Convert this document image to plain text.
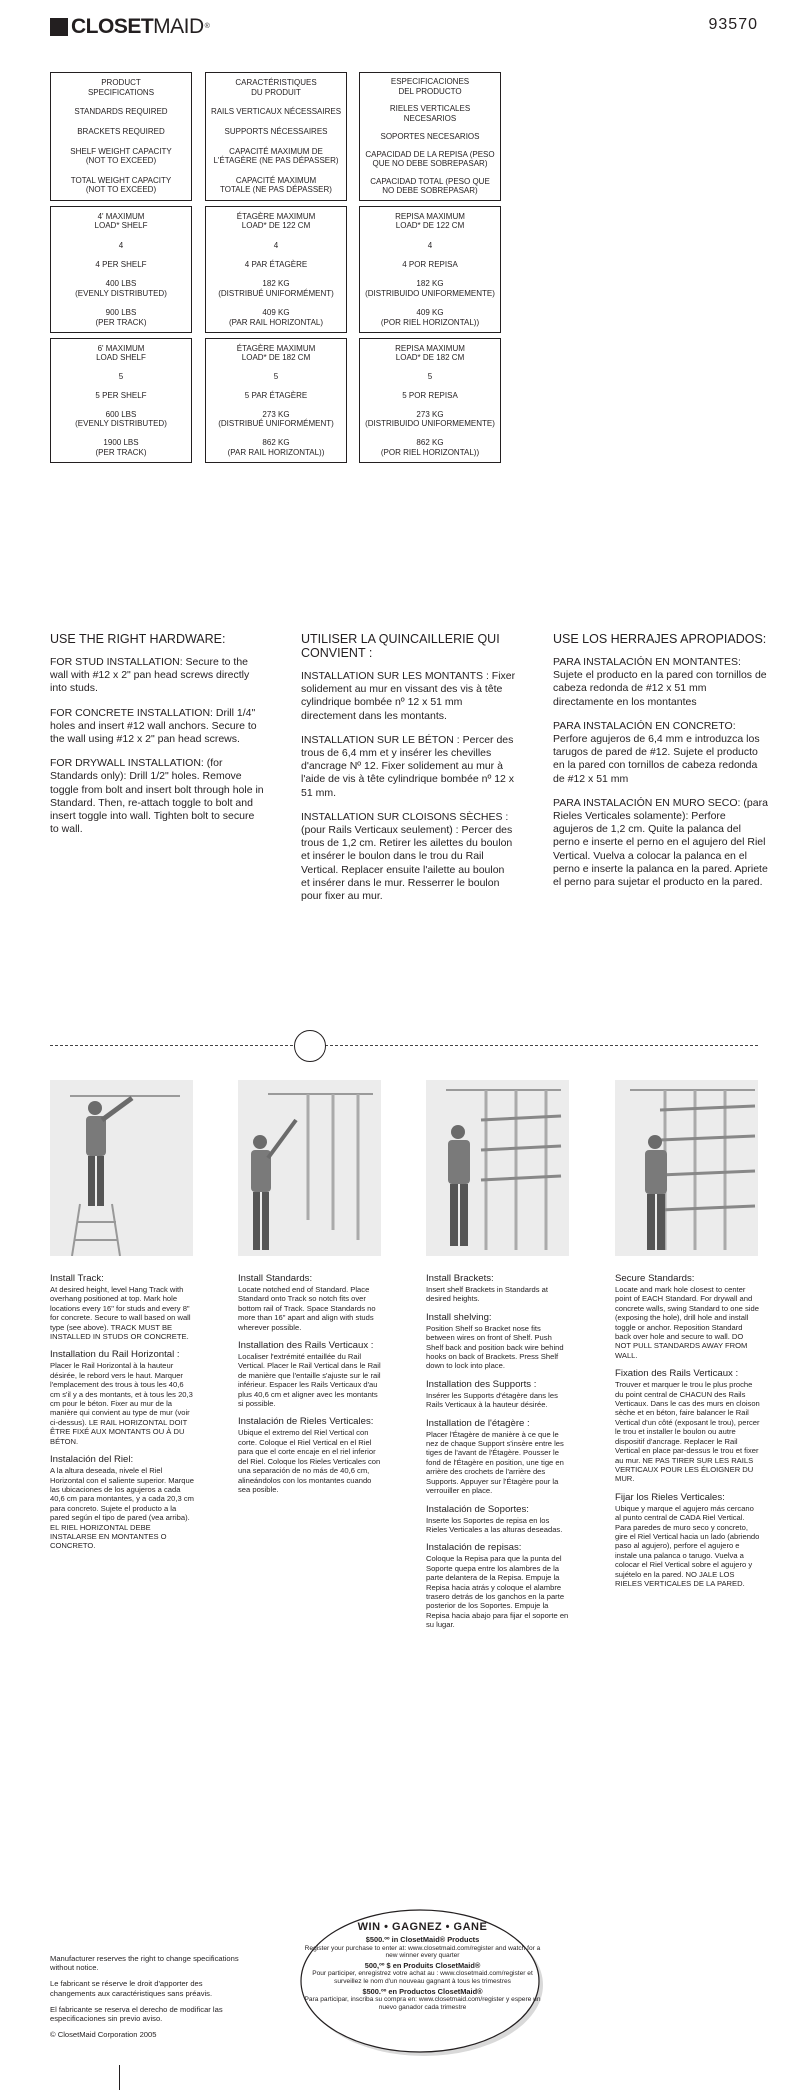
CLOSETMAID®	93570
PRODUCT
SPECIFICATIONS
STANDARDS REQUIRED
BRACKETS REQUIRED
SHELF WEIGHT CAPACITY
(NOT TO EXCEED)
TOTAL WEIGHT CAPACITY
(NOT TO EXCEED)
4' MAXIMUM
LOAD* SHELF
4
4 PER SHELF
400 LBS
(EVENLY DISTRIBUTED)
900 LBS
(PER TRACK)
6' MAXIMUM
LOAD SHELF
5
5 PER SHELF
600 LBS
(EVENLY DISTRIBUTED)
1900 LBS
(PER TRACK)
CARACTÉRISTIQUES
DU PRODUIT
RAILS VERTICAUX NÉCESSAIRES
SUPPORTS NÉCESSAIRES
CAPACITÉ MAXIMUM DE
L'ÉTAGÈRE (NE PAS DÉPASSER)
CAPACITÉ MAXIMUM
TOTALE (NE PAS DÉPASSER)
ÉTAGÈRE MAXIMUM
LOAD* DE 122 CM
4
4 PAR ÉTAGÈRE
182 KG
(DISTRIBUÉ UNIFORMÉMENT)
409 KG
(PAR RAIL HORIZONTAL)
ÉTAGÈRE MAXIMUM
LOAD* DE 182 CM
5
5 PAR ÉTAGÈRE
273 KG
(DISTRIBUÉ UNIFORMÉMENT)
862 KG
(PAR RAIL HORIZONTAL))
ESPECIFICACIONES
DEL PRODUCTO
RIELES VERTICALES NECESARIOS
SOPORTES NECESARIOS
CAPACIDAD DE LA REPISA (PESO
QUE NO DEBE SOBREPASAR)
CAPACIDAD TOTAL (PESO QUE
NO DEBE SOBREPASAR)
REPISA MAXIMUM
LOAD* DE 122 CM
4
4 POR REPISA
182 KG
(DISTRIBUIDO UNIFORMEMENTE)
409 KG
(POR RIEL HORIZONTAL))
REPISA MAXIMUM
LOAD* DE 182 CM
5
5 POR REPISA
273 KG
(DISTRIBUIDO UNIFORMEMENTE)
862 KG
(POR RIEL HORIZONTAL))
USE THE RIGHT HARDWARE:

FOR STUD INSTALLATION: Secure to the wall with #12 x 2" pan head screws directly into studs.

FOR CONCRETE INSTALLATION: Drill 1/4" holes and insert #12 wall anchors. Secure to the wall using #12 x 2" pan head screws.

FOR DRYWALL INSTALLATION: (for Standards only): Drill 1/2" holes. Remove toggle from bolt and insert bolt through hole in Standard. Then, re-attach toggle to bolt and insert toggle into wall. Tighten bolt to secure to wall.

UTILISER LA QUINCAILLERIE QUI CONVIENT :

INSTALLATION SUR LES MONTANTS : Fixer solidement au mur en vissant des vis à tête cylindrique bombée nº 12 x 51 mm directement dans les montants.

INSTALLATION SUR LE BÉTON : Percer des trous de 6,4 mm et y insérer les chevilles d'ancrage Nº 12. Fixer solidement au mur à l'aide de vis à tête cylindrique bombée nº 12 x 51 mm.

INSTALLATION SUR CLOISONS SÈCHES : (pour Rails Verticaux seulement) : Percer des trous de 1,2 cm. Retirer les ailettes du boulon et insérer le boulon dans le trou du Rail Vertical. Replacer ensuite l'ailette au boulon et insérer dans le mur. Resserrer le boulon pour fixer au mur.

USE LOS HERRAJES APROPIADOS:

PARA INSTALACIÓN EN MONTANTES: Sujete el producto en la pared con tornillos de cabeza redonda de #12 x 51 mm directamente en los montantes

PARA INSTALACIÓN EN CONCRETO: Perfore agujeros de 6,4 mm e introduzca los tarugos de pared de #12. Sujete el producto en la pared con tornillos de cabeza redonda de #12 x 51 mm

PARA INSTALACIÓN EN MURO SECO: (para Rieles Verticales solamente): Perfore agujeros de 1,2 cm. Quite la palanca del perno e inserte el perno en el agujero del Riel Vertical. Vuelva a colocar la palanca en el perno e inserte la palanca en la pared. Apriete el perno para sujetar el producto en la pared.

Install Track:

At desired height, level Hang Track with overhang positioned at top. Mark hole locations every 16" for studs and every 8" for concrete. Secure to wall based on wall type (see above). TRACK MUST BE INSTALLED IN STUDS OR CONCRETE.

Installation du Rail Horizontal :

Placer le Rail Horizontal à la hauteur désirée, le rebord vers le haut. Marquer l'emplacement des trous à tous les 40,6 cm s'il y a des montants, et à tous les 20,3 cm pour le béton. Fixer au mur de la manière qui convient au type de mur (voir ci-dessus). LE RAIL HORIZONTAL DOIT ÊTRE FIXÉ AUX MONTANTS OU À DU BÉTON.

Instalación del Riel:

A la altura deseada, nivele el Riel Horizontal con el saliente superior. Marque las ubicaciones de los agujeros a cada 40,6 cm para montantes, y a cada 20,3 cm para concreto. Sujete el producto a la pared según el tipo de pared (vea arriba). EL RIEL HORIZONTAL DEBE INSTALARSE EN MONTANTES O CONCRETO.

Install Standards:

Locate notched end of Standard. Place Standard onto Track so notch fits over bottom rail of Track. Space Standards no more than 16" apart and align with studs wherever possible.

Installation des Rails Verticaux :

Localiser l'extrémité entaillée du Rail Vertical. Placer le Rail Vertical dans le Rail de manière que l'entaille s'ajuste sur le rail inférieur. Espacer les Rails Verticaux d'au plus 40,6 cm et aligner avec les montants si possible.

Instalación de Rieles Verticales:

Ubique el extremo del Riel Vertical con corte. Coloque el Riel Vertical en el Riel para que el corte encaje en el riel inferior del Riel. Coloque los Rieles Verticales con una separación de no más de 40,6 cm, alineándolos con los montantes cuando sea posible.

Install Brackets:

Insert shelf Brackets in Standards at desired heights.

Install shelving:

Position Shelf so Bracket nose fits between wires on front of Shelf. Push Shelf back and position back wire behind hooks on back of Brackets. Press Shelf down to lock into place.

Installation des Supports :

Insérer les Supports d'étagère dans les Rails Verticaux à la hauteur désirée.

Installation de l'étagère :

Placer l'Étagère de manière à ce que le nez de chaque Support s'insère entre les tiges de l'avant de l'Étagère. Pousser le fond de l'Étagère en position, une tige en arrière des crochets de l'arrière des Supports. Appuyer sur l'Étagère pour la verrouiller en place.

Instalación de Soportes:

Inserte los Soportes de repisa en los Rieles Verticales a las alturas deseadas.

Instalación de repisas:

Coloque la Repisa para que la punta del Soporte quepa entre los alambres de la parte delantera de la Repisa. Empuje la Repisa hacia atrás y coloque el alambre trasero detrás de los ganchos en la parte posterior de los Soportes. Empuje la Repisa hacia abajo para fijar el soporte en su lugar.

Secure Standards:

Locate and mark hole closest to center point of EACH Standard. For drywall and concrete walls, swing Standard to one side (exposing the hole), drill hole and install toggle or anchor. Reposition Standard back over hole and secure to wall. DO NOT PULL STANDARDS AWAY FROM WALL.

Fixation des Rails Verticaux :

Trouver et marquer le trou le plus proche du point central de CHACUN des Rails Verticaux. Dans le cas des murs en cloison sèche et en béton, faire balancer le Rail Vertical d'un côté (exposant le trou), percer le trou et installer le boulon ou autre dispositif d'ancrage. Replacer le Rail Vertical en place par-dessus le trou et fixer au mur. NE PAS TIRER SUR LES RAILS VERTICAUX POUR LES ÉLOIGNER DU MUR.

Fijar los Rieles Verticales:

Ubique y marque el agujero más cercano al punto central de CADA Riel Vertical. Para paredes de muro seco y concreto, gire el Riel Vertical hacia un lado (abriendo paso al agujero), perfore el agujero e instale una palanca o tarugo. Vuelva a colocar el Riel Vertical sobre el agujero y sujételo en la pared. NO JALE LOS RIELES VERTICALES DE LA PARED.

Manufacturer reserves the right to change specifications without notice.

Le fabricant se réserve le droit d'apporter des changements aux caractéristiques sans préavis.

El fabricante se reserva el derecho de modificar las especificaciones sin previo aviso.

© ClosetMaid Corporation 2005

WIN • GAGNEZ • GANE

$500.ºº in ClosetMaid® Products
Register your purchase to enter at: www.closetmaid.com/register and watch for a new winner every quarter

500,ºº $ en Produits ClosetMaid®
Pour participer, enregistrez votre achat au : www.closetmaid.com/register et surveillez le nom d'un nouveau gagnant à tous les trimestres

$500.ºº en Productos ClosetMaid®
Para participar, inscriba su compra en: www.closetmaid.com/register y espere un nuevo ganador cada trimestre
